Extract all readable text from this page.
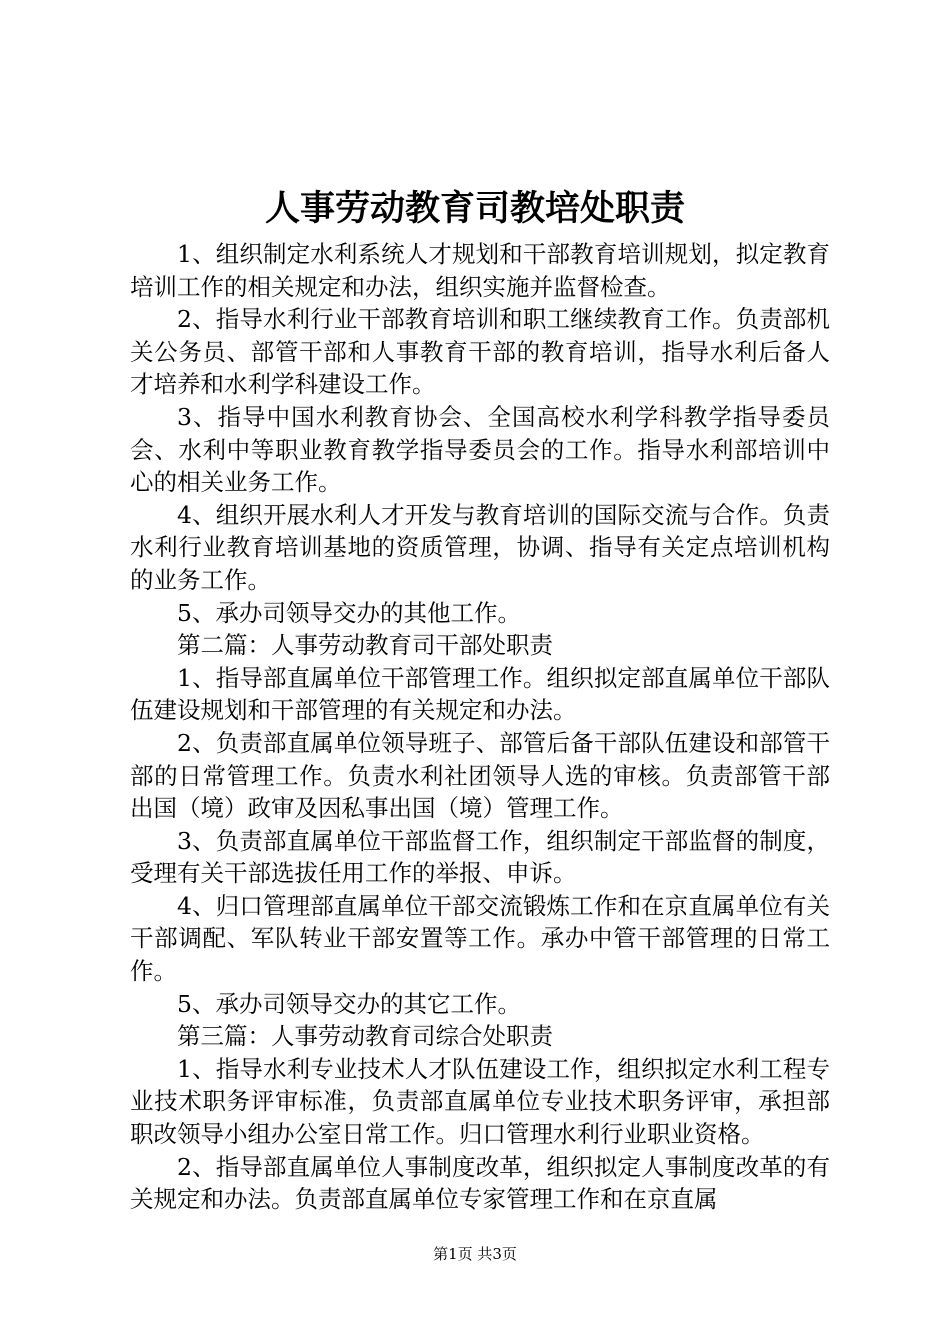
人事劳动教育司教培处职责

1、组织制定水利系统人才规划和干部教育培训规划，拟定教育培训工作的相关规定和办法，组织实施并监督检查。

2、指导水利行业干部教育培训和职工继续教育工作。负责部机关公务员、部管干部和人事教育干部的教育培训，指导水利后备人才培养和水利学科建设工作。

3、指导中国水利教育协会、全国高校水利学科教学指导委员会、水利中等职业教育教学指导委员会的工作。指导水利部培训中心的相关业务工作。

4、组织开展水利人才开发与教育培训的国际交流与合作。负责水利行业教育培训基地的资质管理，协调、指导有关定点培训机构的业务工作。

5、承办司领导交办的其他工作。

第二篇：人事劳动教育司干部处职责

1、指导部直属单位干部管理工作。组织拟定部直属单位干部队伍建设规划和干部管理的有关规定和办法。

2、负责部直属单位领导班子、部管后备干部队伍建设和部管干部的日常管理工作。负责水利社团领导人选的审核。负责部管干部出国（境）政审及因私事出国（境）管理工作。

3、负责部直属单位干部监督工作，组织制定干部监督的制度，受理有关干部选拔任用工作的举报、申诉。

4、归口管理部直属单位干部交流锻炼工作和在京直属单位有关干部调配、军队转业干部安置等工作。承办中管干部管理的日常工作。

5、承办司领导交办的其它工作。

第三篇：人事劳动教育司综合处职责

1、指导水利专业技术人才队伍建设工作，组织拟定水利工程专业技术职务评审标准，负责部直属单位专业技术职务评审，承担部职改领导小组办公室日常工作。归口管理水利行业职业资格。

2、指导部直属单位人事制度改革，组织拟定人事制度改革的有关规定和办法。负责部直属单位专家管理工作和在京直属

第1页 共3页
